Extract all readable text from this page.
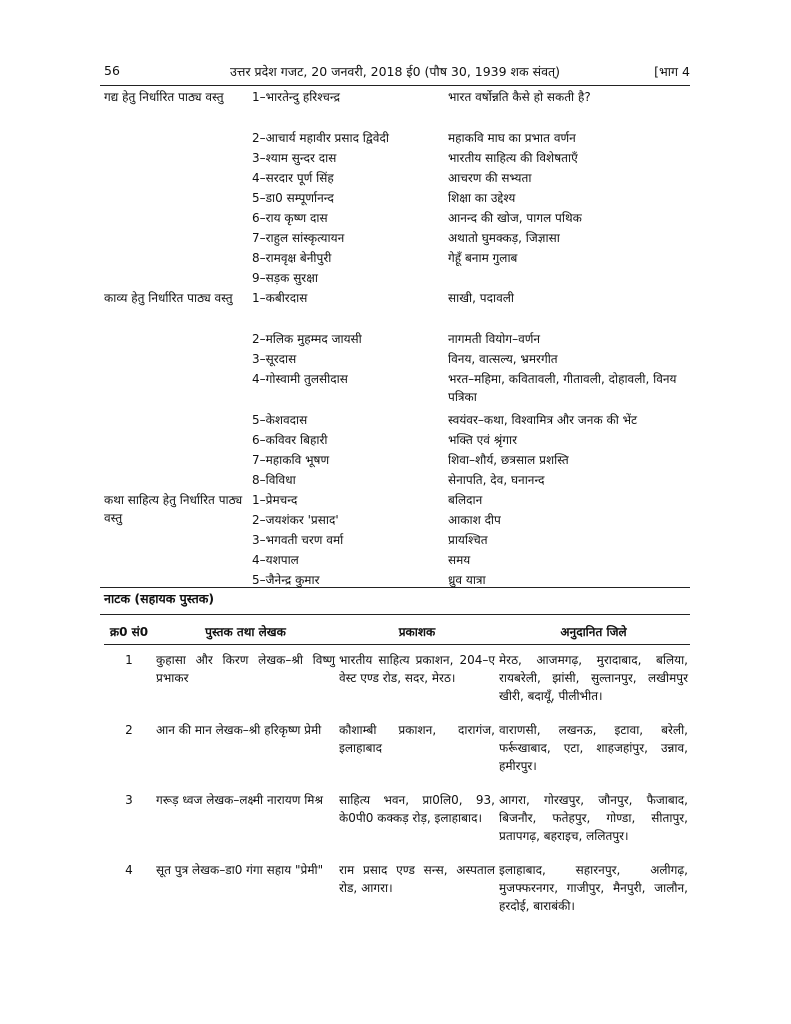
56	उत्तर प्रदेश गजट, 20 जनवरी, 2018 ई0 (पौष 30, 1939 शक संवत्)	[भाग 4
गद्य हेतु निर्धारित पाठ्य वस्तु	1–भारतेन्दु हरिश्चन्द्र	भारत वर्षोन्नति कैसे हो सकती है?
	2–आचार्य महावीर प्रसाद द्विवेदी	महाकवि माघ का प्रभात वर्णन
	3–श्याम सुन्दर दास	भारतीय साहित्य की विशेषताएँ
	4–सरदार पूर्ण सिंह	आचरण की सभ्यता
	5–डा0 सम्पूर्णानन्द	शिक्षा का उद्देश्य
	6–राय कृष्ण दास	आनन्द की खोज, पागल पथिक
	7–राहुल सांस्कृत्यायन	अथातो घुमक्कड़, जिज्ञासा
	8–रामवृक्ष बेनीपुरी	गेहूँ बनाम गुलाब
	9–सड़क सुरक्षा	
काव्य हेतु निर्धारित पाठ्य वस्तु	1–कबीरदास	साखी, पदावली
	2–मलिक मुहम्मद जायसी	नागमती वियोग–वर्णन
	3–सूरदास	विनय, वात्सल्य, भ्रमरगीत
	4–गोस्वामी तुलसीदास	भरत–महिमा, कवितावली, गीतावली, दोहावली, विनय पत्रिका
	5–केशवदास	स्वयंवर–कथा, विश्वामित्र और जनक की भेंट
	6–कविवर बिहारी	भक्ति एवं श्रृंगार
	7–महाकवि भूषण	शिवा–शौर्य, छत्रसाल प्रशस्ति
	8–विविधा	सेनापति, देव, घनानन्द
कथा साहित्य हेतु निर्धारित पाठ्य वस्तु	1–प्रेमचन्द	बलिदान
	2–जयशंकर 'प्रसाद'	आकाश दीप
	3–भगवती चरण वर्मा	प्रायश्चित
	4–यशपाल	समय
	5–जैनेन्द्र कुमार	ध्रुव यात्रा
नाटक (सहायक पुस्तक)
क्र0 सं0	पुस्तक तथा लेखक	प्रकाशक	अनुदानित जिले
1	कुहासा और किरण लेखक–श्री विष्णु प्रभाकर	भारतीय साहित्य प्रकाशन, 204–ए वेस्ट एण्ड रोड, सदर, मेरठ।	मेरठ, आजमगढ़, मुरादाबाद, बलिया, रायबरेली, झांसी, सुल्तानपुर, लखीमपुर खीरी, बदायूँ, पीलीभीत।
2	आन की मान लेखक–श्री हरिकृष्ण प्रेमी	कौशाम्बी प्रकाशन, दारागंज, इलाहाबाद	वाराणसी, लखनऊ, इटावा, बरेली, फर्रूखाबाद, एटा, शाहजहांपुर, उन्नाव, हमीरपुर।
3	गरूड़ ध्वज लेखक–लक्ष्मी नारायण मिश्र	साहित्य भवन, प्रा0लि0, 93, के0पी0 कक्कड़ रोड़, इलाहाबाद।	आगरा, गोरखपुर, जौनपुर, फैजाबाद, बिजनौर, फतेहपुर, गोण्डा, सीतापुर, प्रतापगढ़, बहराइच, ललितपुर।
4	सूत पुत्र लेखक–डा0 गंगा सहाय "प्रेमी"	राम प्रसाद एण्ड सन्स, अस्पताल रोड, आगरा।	इलाहाबाद, सहारनपुर, अलीगढ़, मुजफ्फरनगर, गाजीपुर, मैनपुरी, जालौन, हरदोई, बाराबंकी।
